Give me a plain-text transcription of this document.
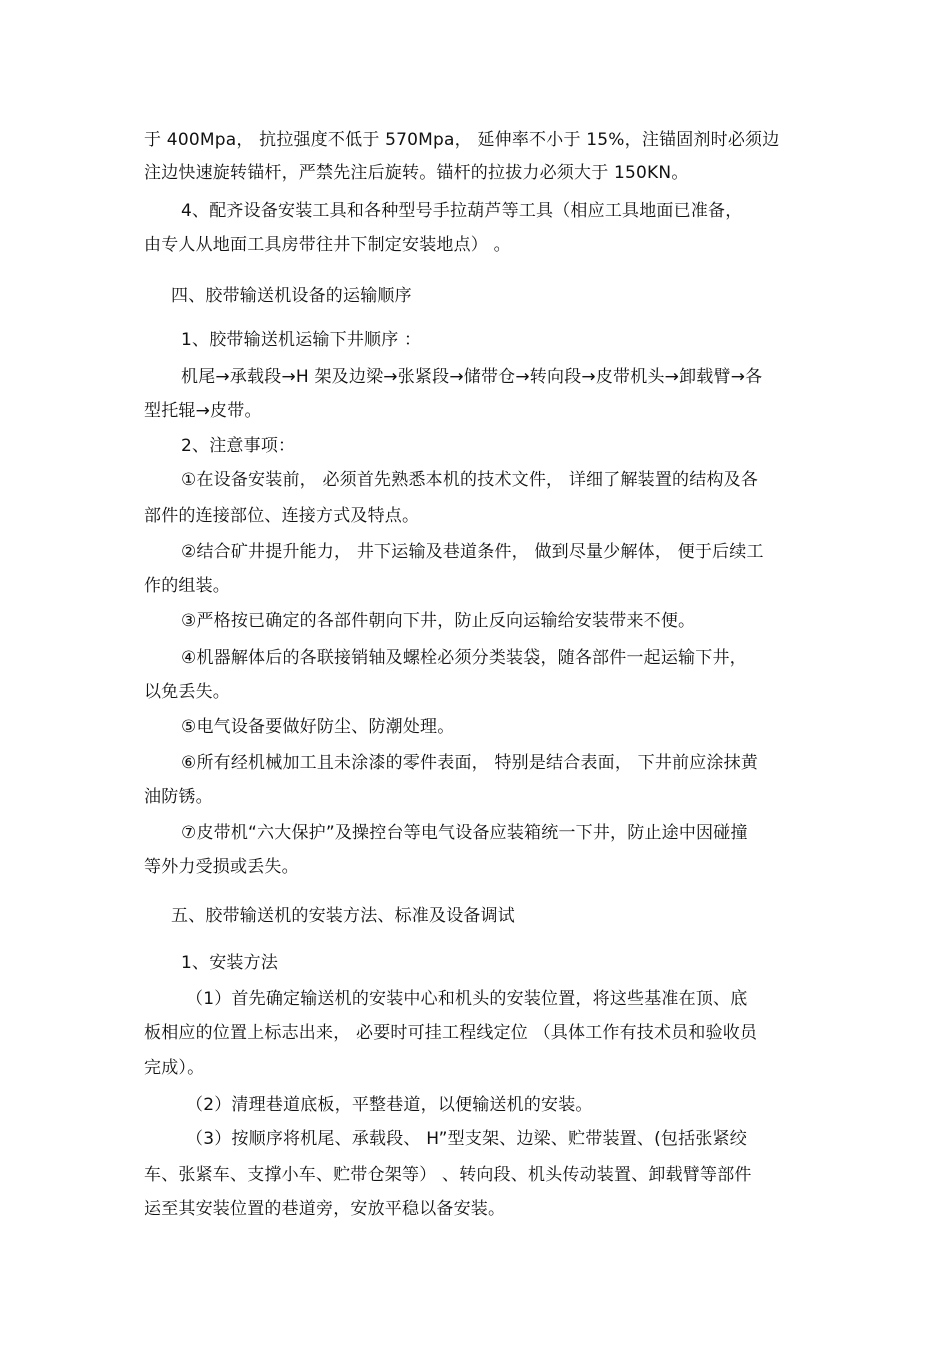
于 400Mpa， 抗拉强度不低于 570Mpa， 延伸率不小于 15%，注锚固剂时必须边
注边快速旋转锚杆，严禁先注后旋转。锚杆的拉拔力必须大于 150KN。
4、配齐设备安装工具和各种型号手拉葫芦等工具（相应工具地面已准备，
由专人从地面工具房带往井下制定安装地点） 。
四、胶带输送机设备的运输顺序
1、胶带输送机运输下井顺序 ：
机尾→承载段→H 架及边梁→张紧段→储带仓→转向段→皮带机头→卸载臂→各
型托辊→皮带。
2、注意事项：
①在设备安装前， 必须首先熟悉本机的技术文件， 详细了解装置的结构及各
部件的连接部位、连接方式及特点。
②结合矿井提升能力， 井下运输及巷道条件， 做到尽量少解体， 便于后续工
作的组装。
③严格按已确定的各部件朝向下井，防止反向运输给安装带来不便。
④机器解体后的各联接销轴及螺栓必须分类装袋，随各部件一起运输下井，
以免丢失。
⑤电气设备要做好防尘、防潮处理。
⑥所有经机械加工且未涂漆的零件表面， 特别是结合表面， 下井前应涂抹黄
油防锈。
⑦皮带机“六大保护”及操控台等电气设备应装箱统一下井，防止途中因碰撞
等外力受损或丢失。
五、胶带输送机的安装方法、标准及设备调试
1、安装方法
（1）首先确定输送机的安装中心和机头的安装位置，将这些基准在顶、底
板相应的位置上标志出来， 必要时可挂工程线定位 （具体工作有技术员和验收员
完成）。
（2）清理巷道底板，平整巷道，以便输送机的安装。
（3）按顺序将机尾、承载段、 H”型支架、边梁、贮带装置、(包括张紧绞
车、张紧车、支撑小车、贮带仓架等） 、转向段、机头传动装置、卸载臂等部件
运至其安装位置的巷道旁，安放平稳以备安装。
